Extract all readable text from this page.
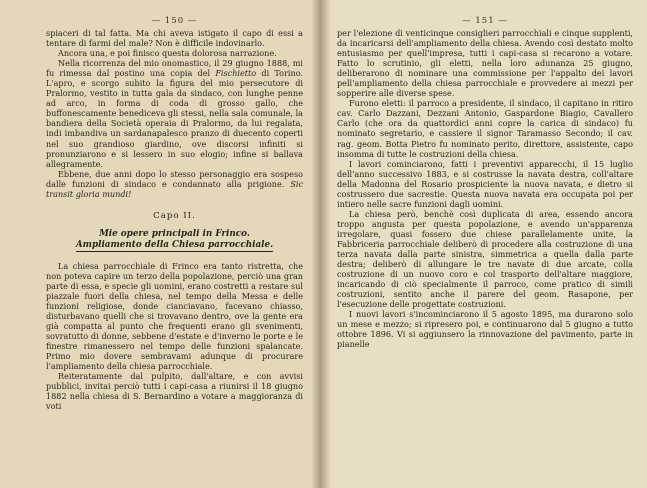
— 150 —

spiaceri di tal fatta. Ma chi aveva istigato il capo di essi a tentare di farmi del male? Non è difficile indovinarlo.

Ancora una, e poi finisco questa dolorosa narrazione.

Nella ricorrenza del mio onomastico, il 29 giugno 1888, mi fu rimessa dal postino una copia del Fischietto di Torino. L'apro, e scorgo subito la figura del mio persecutore di Pralormo, vestito in tutta gala da sindaco, con lunghe penne ad arco, in forma di coda di grosso gallo, che buffonescamente benediceva gli stessi, nella sala comunale, la bandiera della Società operaia di Pralormo, da lui regalata, indi imbandiva un sardanapalesco pranzo di duecento coperti nel suo grandioso giardino, ove discorsi infiniti si pronunziarono e si lessero in suo elogio; infine si ballava allegramente.

Ebbene, due anni dopo lo stesso personaggio era sospeso dalle funzioni di sindaco e condannato alla prigione. Sic transit gloria mundi!

Capo II.
Mie opere principali in Frinco.
Ampliamento della Chiesa parrocchiale.

La chiesa parrocchiale di Frinco era tanto ristretta, che non poteva capire un terzo della popolazione, perciò una gran parte di essa, e specie gli uomini, erano costretti a restare sul piazzale fuori della chiesa, nel tempo della Messa e delle funzioni religiose, donde cianciavano, facevano chiasso, disturbavano quelli che si trovavano dentro, ove la gente era già compatta al punto che frequenti erano gli svenimenti, sovratutto di donne, sebbene d'estate e d'inverno le porte e le finestre rimanessero nel tempo delle funzioni spalancate. Primo mio dovere sembravami adunque di procurare l'ampliamento della chiesa parrocchiale.

Reiteratamente dal pulpito, dall'altare, e con avvisi pubblici, invitai perciò tutti i capi-casa a riunirsi il 18 giugno 1882 nella chiesa di S. Bernardino a votare a maggioranza di voti

— 151 —

per l'elezione di venticinque consiglieri parrocchiali e cinque supplenti, da incaricarsi dell'ampliamento della chiesa. Avendo così destato molto entusiasmo per quell'impresa, tutti i capi-casa si recarono a votare. Fatto lo scrutinio, gli eletti, nella loro adunanza 25 giugno, deliberarono di nominare una commissione per l'appalto dei lavori pell'ampliamento della chiesa parrocchiale e provvedere ai mezzi per sopperire alle diverse spese.

Furono eletti: il parroco a presidente, il sindaco, il capitano in ritiro cav. Carlo Dazzani, Dezzani Antonio, Gaspardone Biagio, Cavallero Carlo (che ora da quattordici anni copre la carica di sindaco) fu nominato segretario, e cassiere il signor Taramasso Secondo; il cav. rag. geom. Botta Pietro fu nominato perito, direttore, assistente, capo insomma di tutte le costruzioni della chiesa.

I lavori cominciarono, fatti i preventivi apparecchi, il 15 luglio dell'anno successivo 1883, e si costrusse la navata destra, coll'altare della Madonna del Rosario prospiciente la nuova navata, e dietro si costrussero due sacrestie. Questa nuova navata era occupata poi per intiero nelle sacre funzioni dagli uomini.

La chiesa però, benchè così duplicata di area, essendo ancora troppo angusta per questa popolazione, e avendo un'apparenza irregolare, quasi fossero due chiese parallelamente unite, la Fabbriceria parrocchiale deliberò di procedere alla costruzione di una terza navata dalla parte sinistra, simmetrica a quella dalla parte destra; deliberò di allungare le tre navate di due arcate, colla costruzione di un nuovo coro e col trasporto dell'altare maggiore, incaricando di ciò specialmente il parroco, come pratico di simili costruzioni, sentito anche il parere del geom. Rasapone, per l'esecuzione delle progettate costruzioni.

I nuovi lavori s'incominciarono il 5 agosto 1895, ma durarono solo un mese e mezzo; si ripresero poi, e continuarono dal 5 giugno a tutto ottobre 1896. Vi si aggiunsero la rinnovazione del pavimento, parte in pianelle
